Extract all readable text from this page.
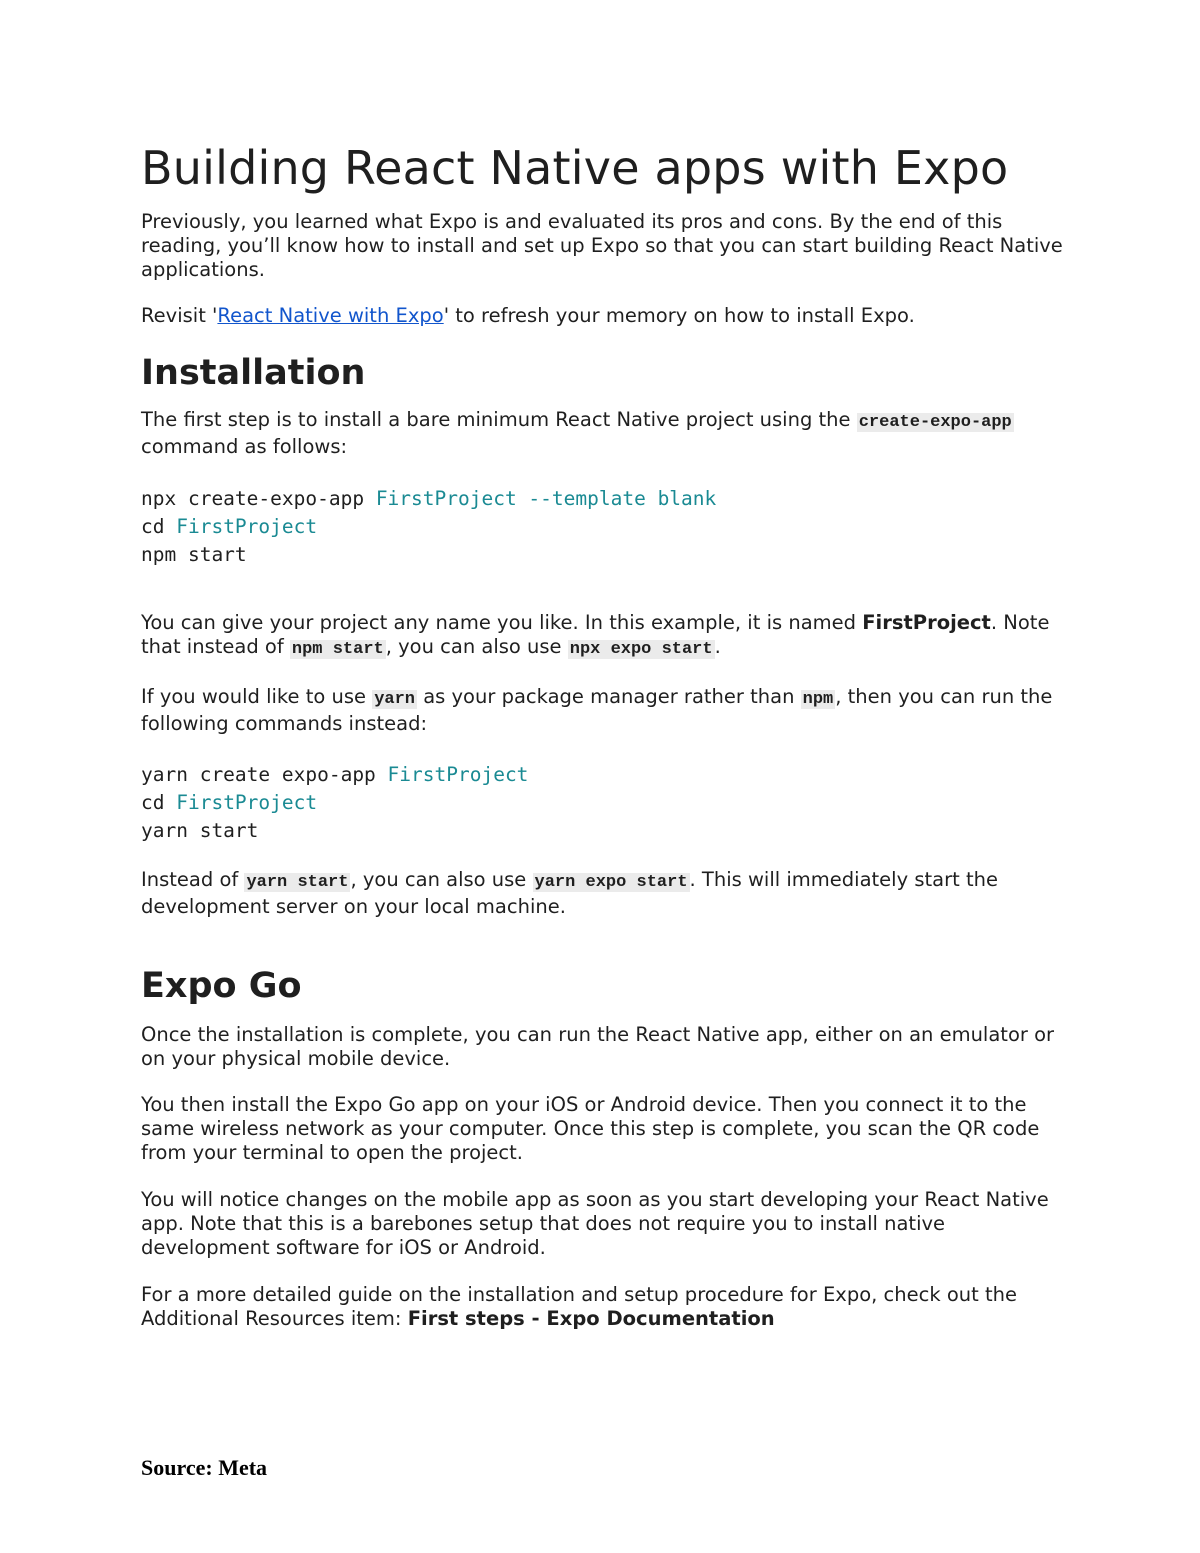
Building React Native apps with Expo

Previously, you learned what Expo is and evaluated its pros and cons. By the end of this reading, you’ll know how to install and set up Expo so that you can start building React Native applications.

Revisit 'React Native with Expo' to refresh your memory on how to install Expo.

Installation

The first step is to install a bare minimum React Native project using the create-expo-app command as follows:

npx create-expo-app FirstProject --template blank
cd FirstProject
npm start

You can give your project any name you like. In this example, it is named FirstProject. Note that instead of npm start , you can also use npx expo start .

If you would like to use yarn as your package manager rather than npm , then you can run the following commands instead:

yarn create expo-app FirstProject
cd FirstProject
yarn start

Instead of yarn start , you can also use yarn expo start . This will immediately start the development server on your local machine.

Expo Go

Once the installation is complete, you can run the React Native app, either on an emulator or on your physical mobile device.

You then install the Expo Go app on your iOS or Android device. Then you connect it to the same wireless network as your computer. Once this step is complete, you scan the QR code from your terminal to open the project.

You will notice changes on the mobile app as soon as you start developing your React Native app. Note that this is a barebones setup that does not require you to install native development software for iOS or Android.

For a more detailed guide on the installation and setup procedure for Expo, check out the Additional Resources item: First steps - Expo Documentation

Source: Meta
